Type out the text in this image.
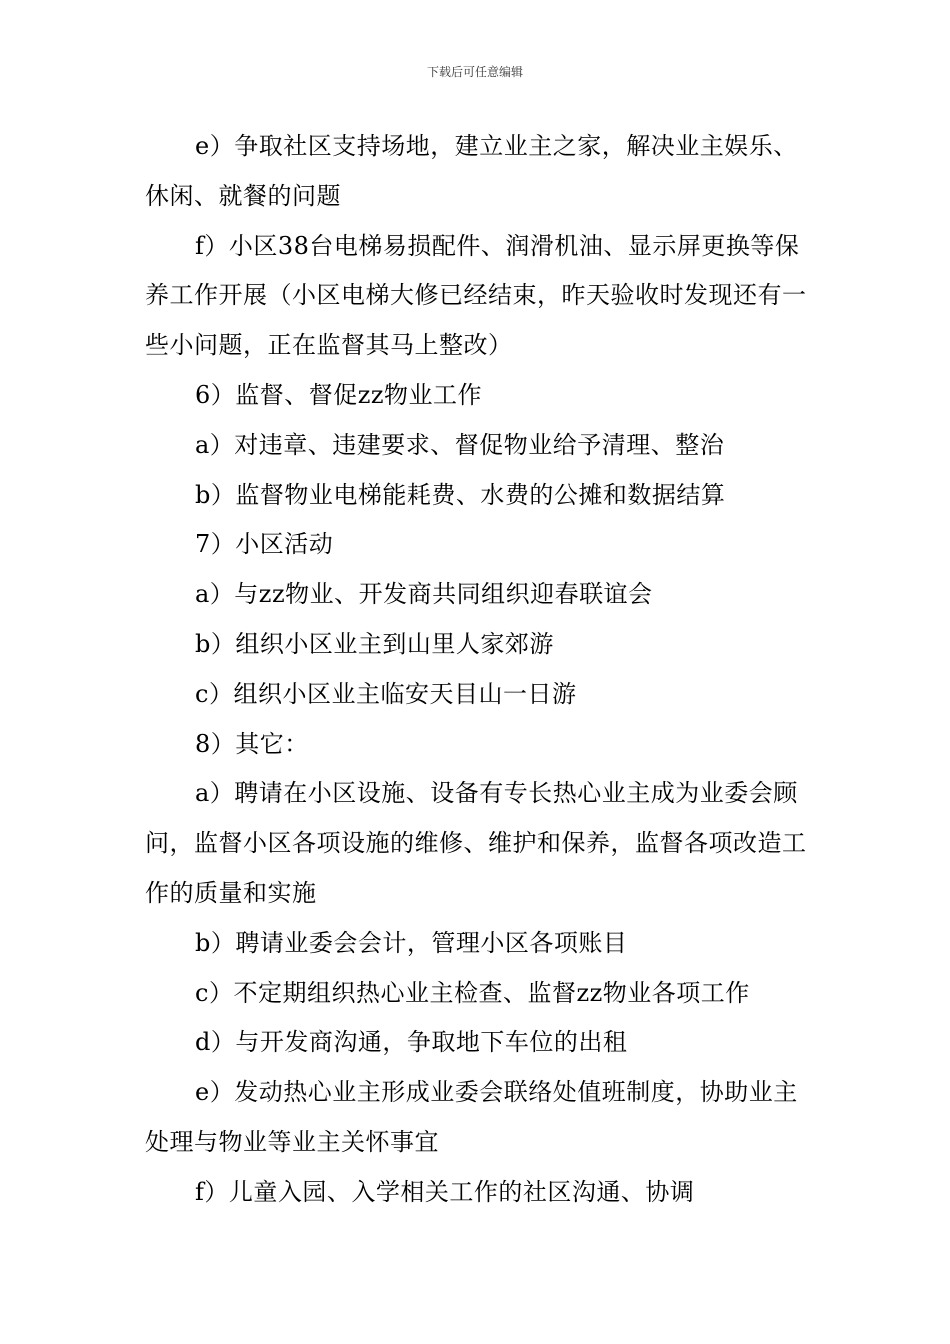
下载后可任意编辑

e）争取社区支持场地，建立业主之家，解决业主娱乐、休闲、就餐的问题

f）小区38台电梯易损配件、润滑机油、显示屏更换等保养工作开展（小区电梯大修已经结束，昨天验收时发现还有一些小问题，正在监督其马上整改）

6）监督、督促zz物业工作

a）对违章、违建要求、督促物业给予清理、整治

b）监督物业电梯能耗费、水费的公摊和数据结算

7）小区活动

a）与zz物业、开发商共同组织迎春联谊会

b）组织小区业主到山里人家郊游

c）组织小区业主临安天目山一日游

8）其它：

a）聘请在小区设施、设备有专长热心业主成为业委会顾问，监督小区各项设施的维修、维护和保养，监督各项改造工作的质量和实施

b）聘请业委会会计，管理小区各项账目

c）不定期组织热心业主检查、监督zz物业各项工作

d）与开发商沟通，争取地下车位的出租

e）发动热心业主形成业委会联络处值班制度，协助业主处理与物业等业主关怀事宜

f）儿童入园、入学相关工作的社区沟通、协调
